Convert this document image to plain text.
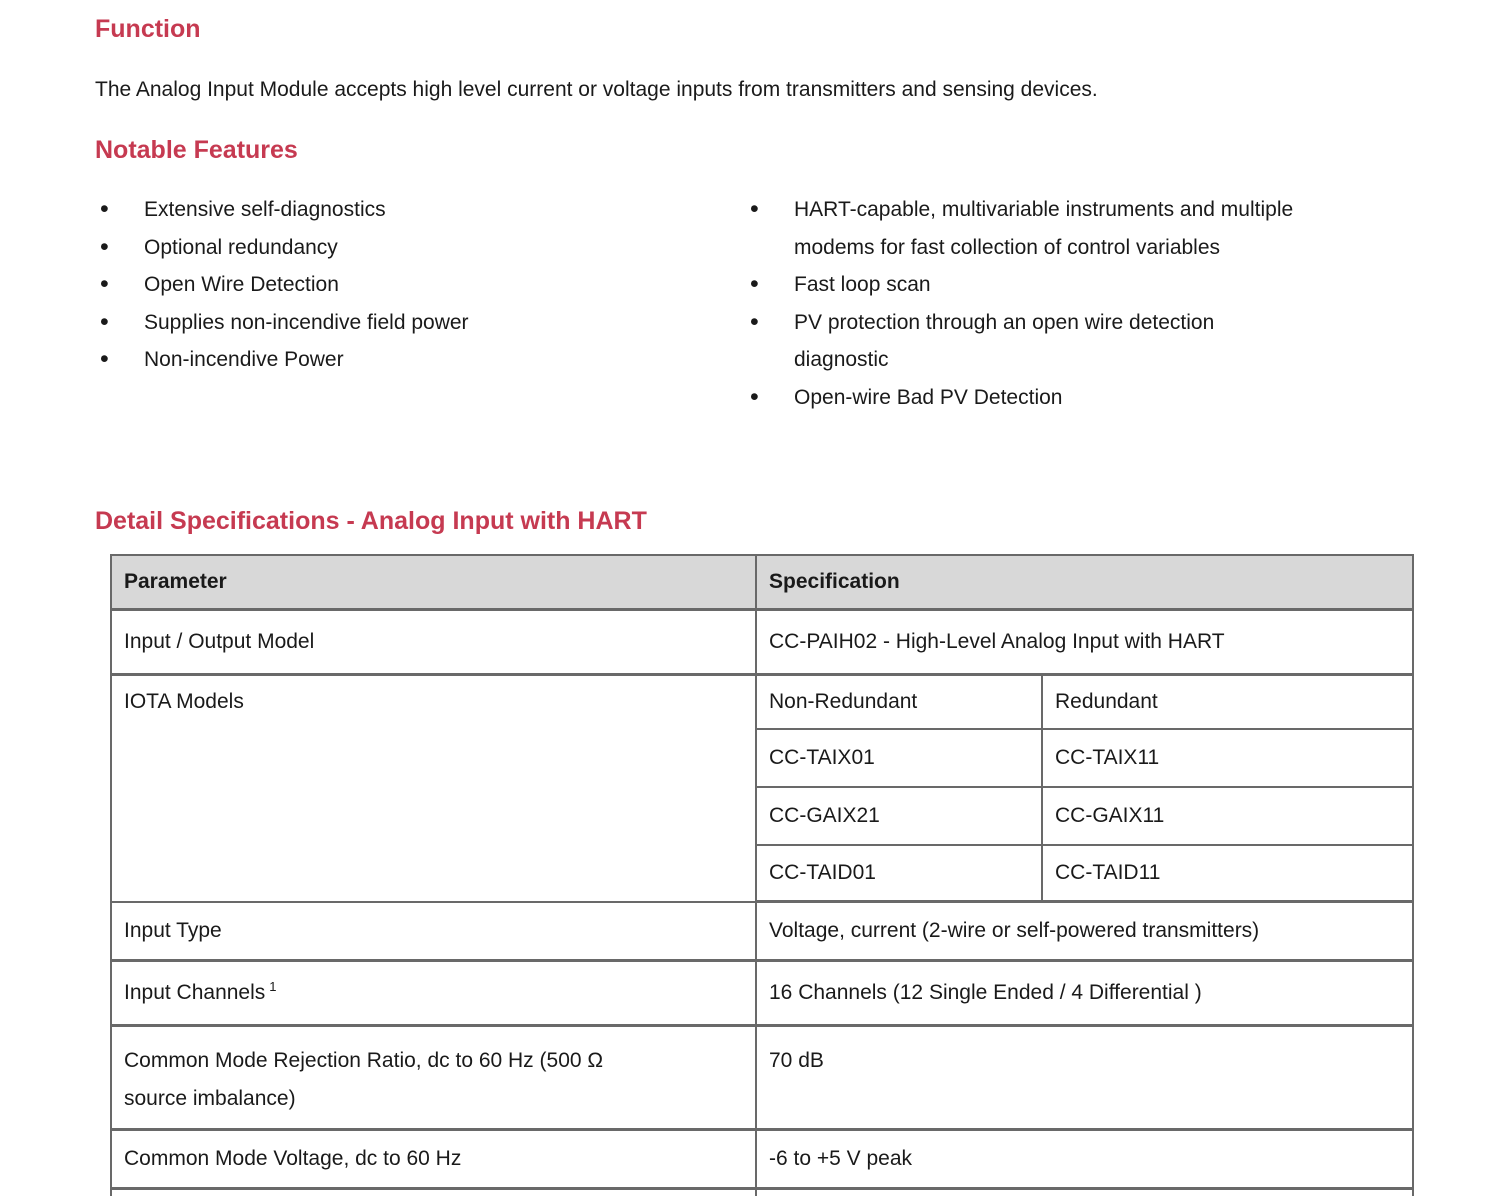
Function

The Analog Input Module accepts high level current or voltage inputs from transmitters and sensing devices.

Notable Features
• Extensive self-diagnostics
• Optional redundancy
• Open Wire Detection
• Supplies non-incendive field power
• Non-incendive Power
• HART-capable, multivariable instruments and multiple
modems for fast collection of control variables
• Fast loop scan
• PV protection through an open wire detection
diagnostic
• Open-wire Bad PV Detection
Detail Specifications - Analog Input with HART
Parameter	Specification	
Input / Output Model	CC-PAIH02 - High-Level Analog Input with HART	
IOTA Models	Non-Redundant	Redundant
	CC-TAIX01	CC-TAIX11
	CC-GAIX21	CC-GAIX11
	CC-TAID01	CC-TAID11
Input Type	Voltage, current (2-wire or self-powered transmitters)	
Input Channels $^1$	16 Channels (12 Single Ended / 4 Differential )	

Common Mode Rejection Ratio, dc to 60 Hz (500 Ω
source imbalance)	70 dB	
Common Mode Voltage, dc to 60 Hz	-6 to +5 V peak	
